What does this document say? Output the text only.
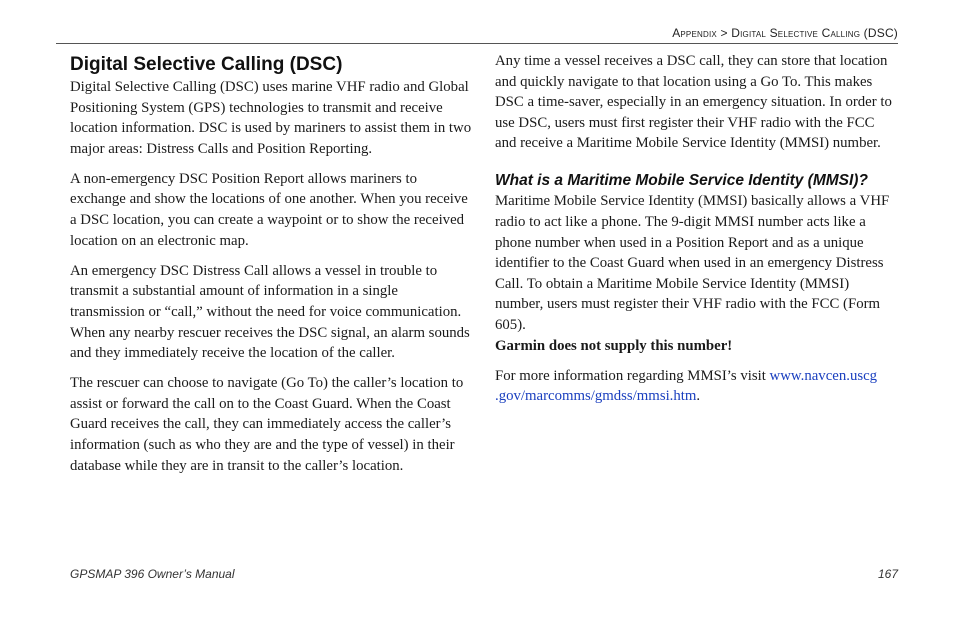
Appendix > Digital Selective Calling (DSC)
Digital Selective Calling (DSC)

Digital Selective Calling (DSC) uses marine VHF radio and Global Positioning System (GPS) technologies to transmit and receive location information. DSC is used by mariners to assist them in two major areas: Distress Calls and Position Reporting.

A non-emergency DSC Position Report allows mariners to exchange and show the locations of one another. When you receive a DSC location, you can create a waypoint or to show the received location on an electronic map.

An emergency DSC Distress Call allows a vessel in trouble to transmit a substantial amount of information in a single transmission or “call,” without the need for voice communication. When any nearby rescuer receives the DSC signal, an alarm sounds and they immediately receive the location of the caller.

The rescuer can choose to navigate (Go To) the caller’s location to assist or forward the call on to the Coast Guard. When the Coast Guard receives the call, they can immediately access the caller’s information (such as who they are and the type of vessel) in their database while they are in transit to the caller’s location.

Any time a vessel receives a DSC call, they can store that location and quickly navigate to that location using a Go To. This makes DSC a time-saver, especially in an emergency situation. In order to use DSC, users must first register their VHF radio with the FCC and receive a Maritime Mobile Service Identity (MMSI) number.

What is a Maritime Mobile Service Identity (MMSI)?

Maritime Mobile Service Identity (MMSI) basically allows a VHF radio to act like a phone. The 9-digit MMSI number acts like a phone number when used in a Position Report and as a unique identifier to the Coast Guard when used in an emergency Distress Call. To obtain a Maritime Mobile Service Identity (MMSI) number, users must register their VHF radio with the FCC (Form 605).

Garmin does not supply this number!

For more information regarding MMSI’s visit www.navcen.uscg .gov/marcomms/gmdss/mmsi.htm.

GPSMAP 396 Owner’s Manual	167
